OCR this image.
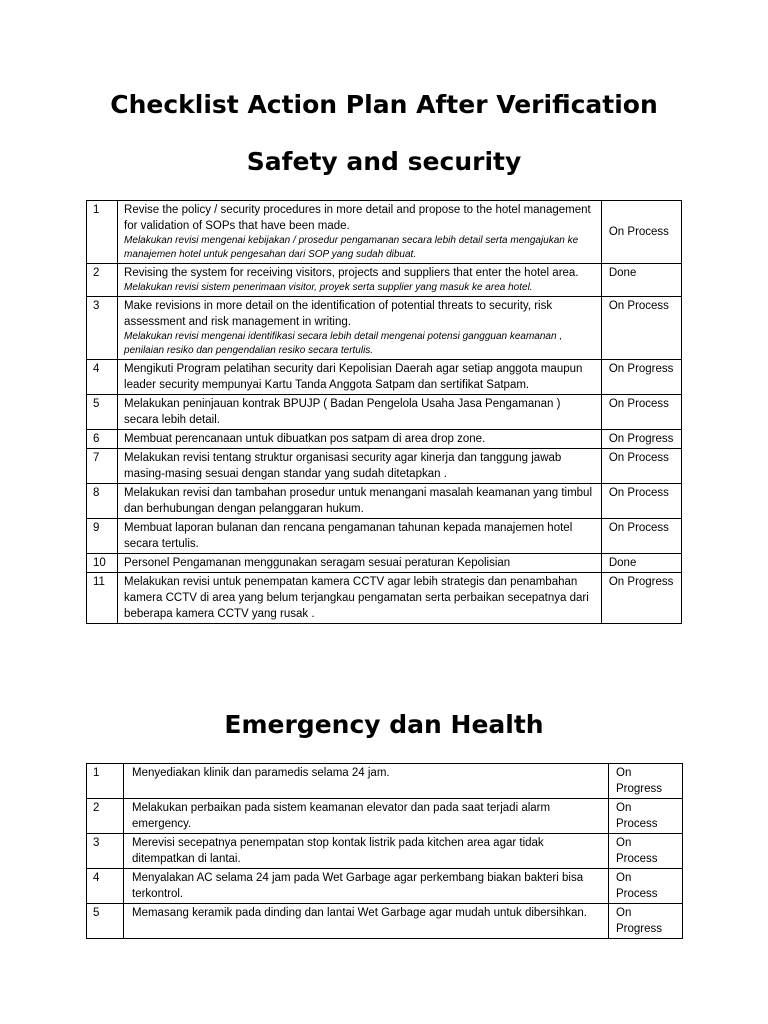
Checklist Action Plan After Verification
Safety and security
1	Revise the policy / security procedures in more detail and propose to the hotel management for validation of SOPs that have been made.
Melakukan revisi mengenai kebijakan / prosedur pengamanan secara lebih detail serta mengajukan ke manajemen hotel untuk pengesahan dari SOP yang sudah dibuat.	On Process
2	Revising the system for receiving visitors, projects and suppliers that enter the hotel area.
Melakukan revisi sistem penerimaan visitor, proyek serta supplier yang masuk ke area hotel.	Done
3	Make revisions in more detail on the identification of potential threats to security, risk assessment and risk management in writing.
Melakukan revisi mengenai identifikasi secara lebih detail mengenai potensi gangguan keamanan , penilaian resiko dan pengendalian resiko secara tertulis.	On Process
4	Mengikuti Program pelatihan security dari Kepolisian Daerah agar setiap anggota maupun leader security mempunyai Kartu Tanda Anggota Satpam dan sertifikat Satpam.	On Progress
5	Melakukan peninjauan kontrak BPUJP ( Badan Pengelola Usaha Jasa Pengamanan ) secara lebih detail.	On Process
6	Membuat perencanaan untuk dibuatkan pos satpam di area drop zone.	On Progress
7	Melakukan revisi tentang struktur organisasi security agar kinerja dan tanggung jawab masing-masing sesuai dengan standar yang sudah ditetapkan .	On Process
8	Melakukan revisi dan tambahan prosedur untuk menangani masalah keamanan yang timbul dan berhubungan dengan pelanggaran hukum.	On Process
9	Membuat laporan bulanan dan rencana pengamanan tahunan kepada manajemen hotel secara tertulis.	On Process
10	Personel Pengamanan menggunakan seragam sesuai peraturan Kepolisian	Done
11	Melakukan revisi untuk penempatan kamera CCTV agar lebih strategis dan penambahan kamera CCTV di area yang belum terjangkau pengamatan serta perbaikan secepatnya dari beberapa kamera CCTV yang rusak .	On Progress
Emergency dan Health
1	Menyediakan klinik dan paramedis selama 24 jam.	On Progress
2	Melakukan perbaikan pada sistem keamanan elevator dan pada saat terjadi alarm emergency.	On Process
3	Merevisi secepatnya penempatan stop kontak listrik pada kitchen area agar tidak ditempatkan di lantai.	On Process
4	Menyalakan AC selama 24 jam pada Wet Garbage agar perkembang biakan bakteri bisa terkontrol.	On Process
5	Memasang keramik pada dinding dan lantai Wet Garbage agar mudah untuk dibersihkan.	On Progress
